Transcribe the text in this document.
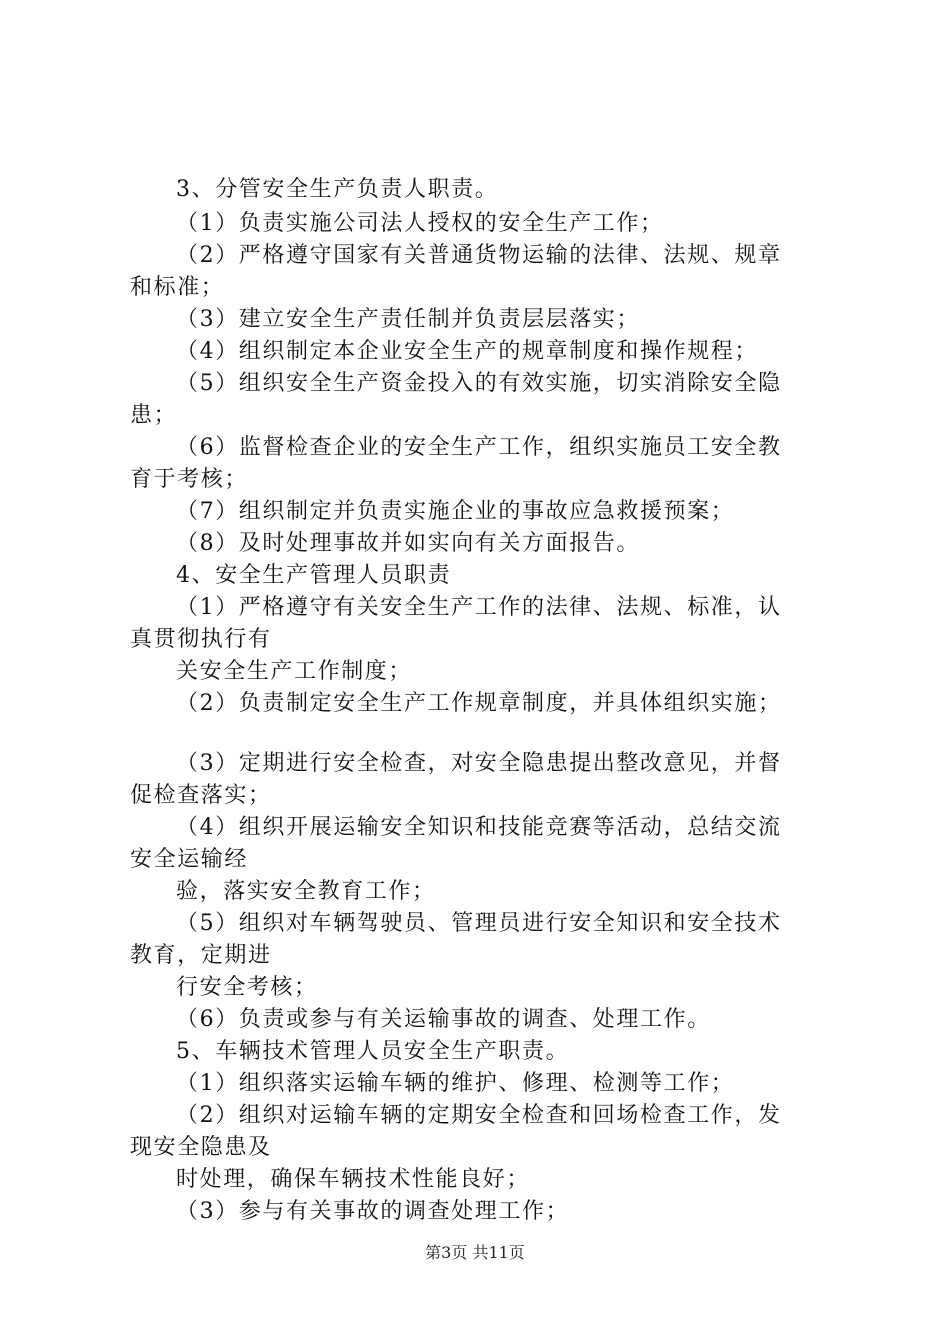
3、分管安全生产负责人职责。
（1）负责实施公司法人授权的安全生产工作；
（2）严格遵守国家有关普通货物运输的法律、法规、规章
和标准；
（3）建立安全生产责任制并负责层层落实；
（4）组织制定本企业安全生产的规章制度和操作规程；
（5）组织安全生产资金投入的有效实施，切实消除安全隐
患；
（6）监督检查企业的安全生产工作，组织实施员工安全教
育于考核；
（7）组织制定并负责实施企业的事故应急救援预案；
（8）及时处理事故并如实向有关方面报告。
4、安全生产管理人员职责
（1）严格遵守有关安全生产工作的法律、法规、标准，认
真贯彻执行有
关安全生产工作制度；
（2）负责制定安全生产工作规章制度，并具体组织实施；
（3）定期进行安全检查，对安全隐患提出整改意见，并督
促检查落实；
（4）组织开展运输安全知识和技能竞赛等活动，总结交流
安全运输经
验，落实安全教育工作；
（5）组织对车辆驾驶员、管理员进行安全知识和安全技术
教育，定期进
行安全考核；
（6）负责或参与有关运输事故的调查、处理工作。
5、车辆技术管理人员安全生产职责。
（1）组织落实运输车辆的维护、修理、检测等工作；
（2）组织对运输车辆的定期安全检查和回场检查工作，发
现安全隐患及
时处理，确保车辆技术性能良好；
（3）参与有关事故的调查处理工作；
第3页 共11页
